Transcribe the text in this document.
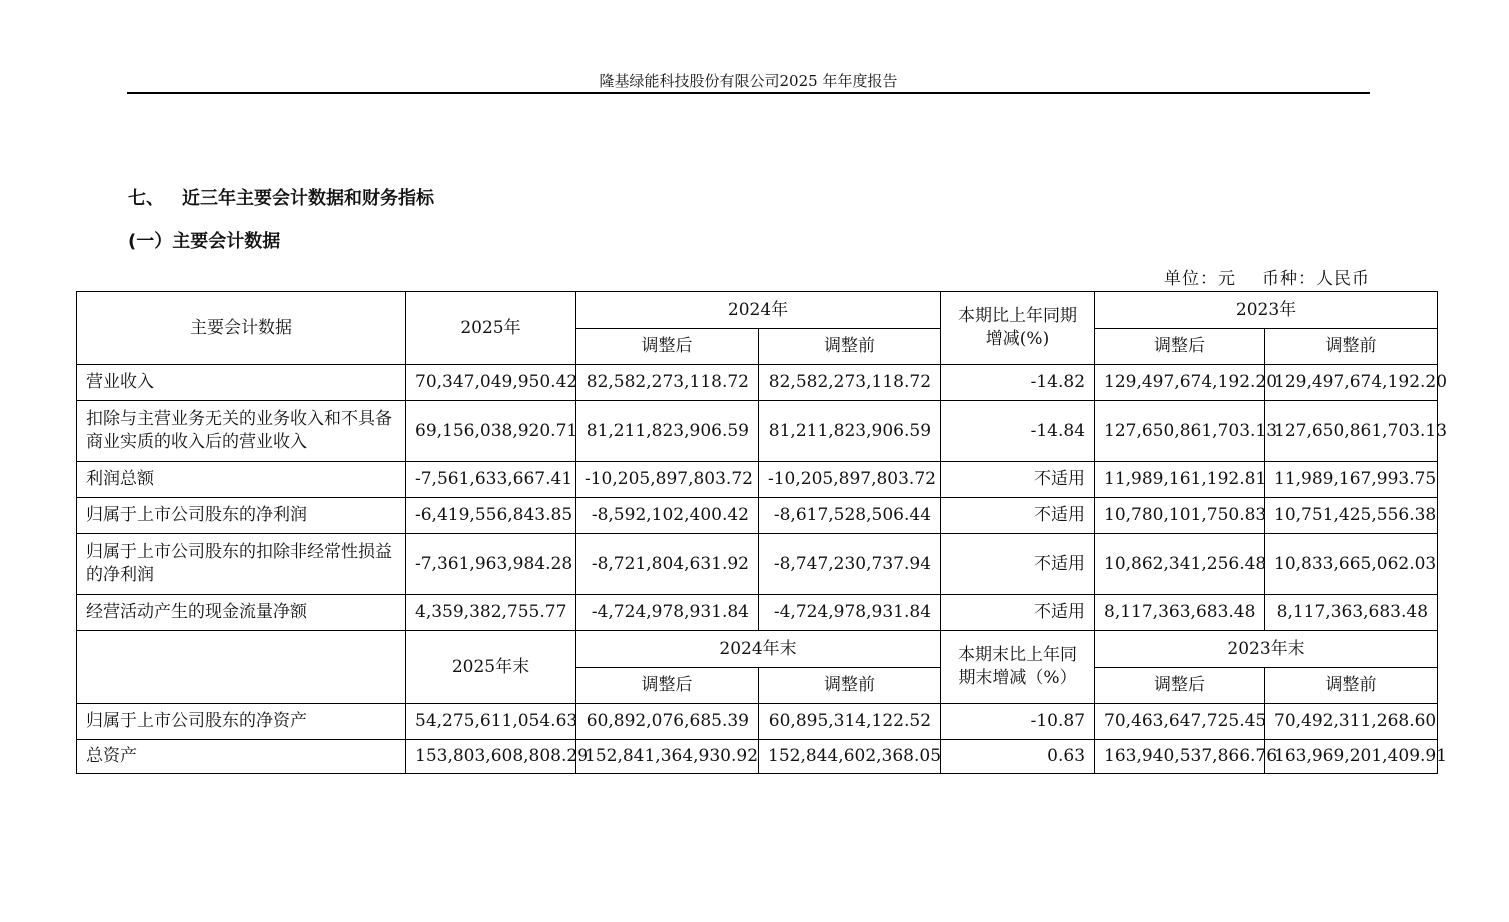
隆基绿能科技股份有限公司2025 年年度报告
七、 近三年主要会计数据和财务指标
(一）主要会计数据
单位：元 币种：人民币
主要会计数据	2025年	2024年		本期比上年同期增减(%)	2023年	
		调整后	调整前		调整后	调整前
营业收入	70,347,049,950.42	82,582,273,118.72	82,582,273,118.72	-14.82	129,497,674,192.20	129,497,674,192.20
扣除与主营业务无关的业务收入和不具备商业实质的收入后的营业收入	69,156,038,920.71	81,211,823,906.59	81,211,823,906.59	-14.84	127,650,861,703.13	127,650,861,703.13
利润总额	-7,561,633,667.41	-10,205,897,803.72	-10,205,897,803.72	不适用	11,989,161,192.81	11,989,167,993.75
归属于上市公司股东的净利润	-6,419,556,843.85	-8,592,102,400.42	-8,617,528,506.44	不适用	10,780,101,750.83	10,751,425,556.38
归属于上市公司股东的扣除非经常性损益的净利润	-7,361,963,984.28	-8,721,804,631.92	-8,747,230,737.94	不适用	10,862,341,256.48	10,833,665,062.03
经营活动产生的现金流量净额	4,359,382,755.77	-4,724,978,931.84	-4,724,978,931.84	不适用	8,117,363,683.48	8,117,363,683.48
	2025年末	2024年末		本期末比上年同期末增减（%）	2023年末	
		调整后	调整前		调整后	调整前
归属于上市公司股东的净资产	54,275,611,054.63	60,892,076,685.39	60,895,314,122.52	-10.87	70,463,647,725.45	70,492,311,268.60
总资产	153,803,608,808.29	152,841,364,930.92	152,844,602,368.05	0.63	163,940,537,866.76	163,969,201,409.91
